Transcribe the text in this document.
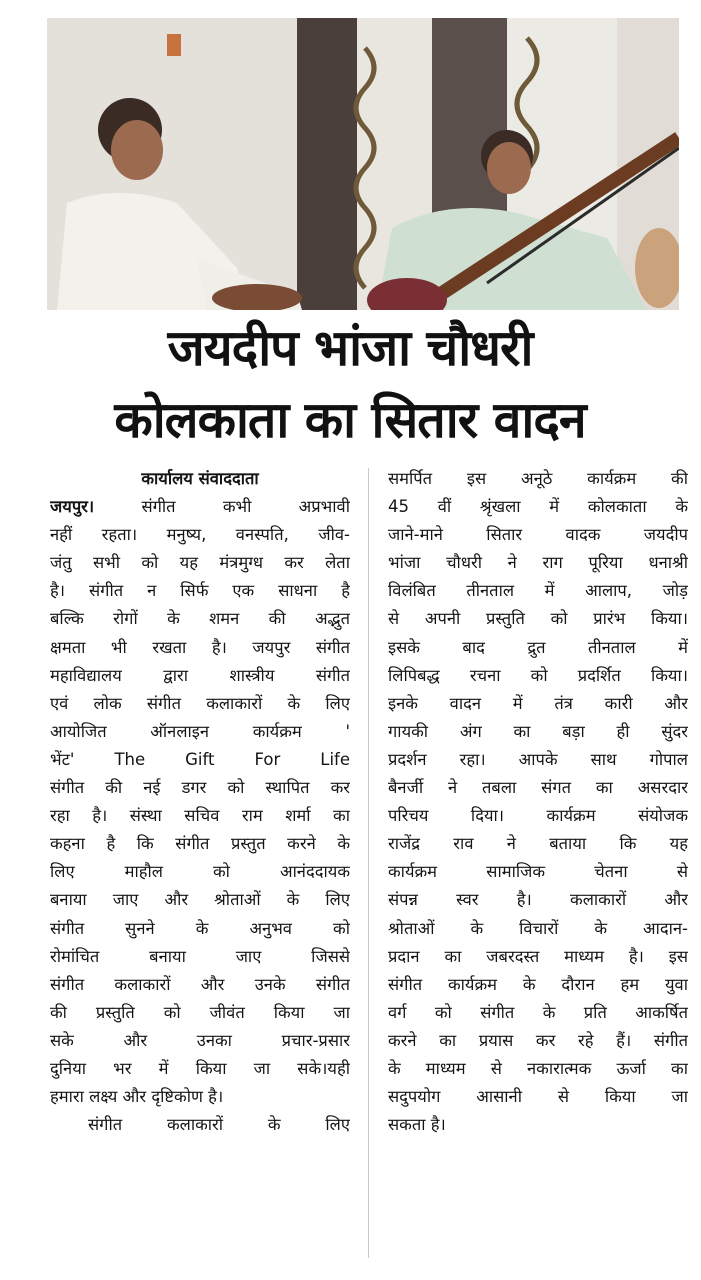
जयदीप भांजा चौधरी
कोलकाता का सितार वादन
कार्यालय संवाददाता
जयपुर।	संगीत कभी अप्रभावी
नहीं रहता। मनुष्य, वनस्पति, जीव-
जंतु सभी को यह मंत्रमुग्ध कर लेता
है। संगीत न सिर्फ एक साधना है
बल्कि रोगों के शमन की अद्भुत
क्षमता भी रखता है। जयपुर संगीत
महाविद्यालय द्वारा शास्त्रीय संगीत
एवं लोक संगीत कलाकारों के लिए
आयोजित ऑनलाइन कार्यक्रम '
भेंट' The Gift For Life
संगीत की नई डगर को स्थापित कर
रहा है। संस्था सचिव राम शर्मा का
कहना है कि संगीत प्रस्तुत करने के
लिए माहौल को आनंददायक
बनाया जाए और श्रोताओं के लिए
संगीत सुनने के अनुभव को
रोमांचित बनाया जाए जिससे
संगीत कलाकारों और उनके संगीत
की प्रस्तुति को जीवंत किया जा
सके और उनका प्रचार-प्रसार
दुनिया भर में किया जा सके।यही
हमारा लक्ष्य और दृष्टिकोण है।
संगीत कलाकारों के लिए
समर्पित इस अनूठे कार्यक्रम की
45 वीं श्रृंखला में कोलकाता के
जाने-माने सितार वादक जयदीप
भांजा चौधरी ने राग पूरिया धनाश्री
विलंबित तीनताल में आलाप, जोड़
से अपनी प्रस्तुति को प्रारंभ किया।
इसके बाद द्रुत तीनताल में
लिपिबद्ध रचना को प्रदर्शित किया।
इनके वादन में तंत्र कारी और
गायकी अंग का बड़ा ही सुंदर
प्रदर्शन रहा। आपके साथ गोपाल
बैनर्जी ने तबला संगत का असरदार
परिचय दिया। कार्यक्रम संयोजक
राजेंद्र राव ने बताया कि यह
कार्यक्रम सामाजिक चेतना से
संपन्न स्वर है। कलाकारों और
श्रोताओं के विचारों के आदान-
प्रदान का जबरदस्त माध्यम है। इस
संगीत कार्यक्रम के दौरान हम युवा
वर्ग को संगीत के प्रति आकर्षित
करने का प्रयास कर रहे हैं। संगीत
के माध्यम से नकारात्मक ऊर्जा का
सदुपयोग आसानी से किया जा
सकता है।
